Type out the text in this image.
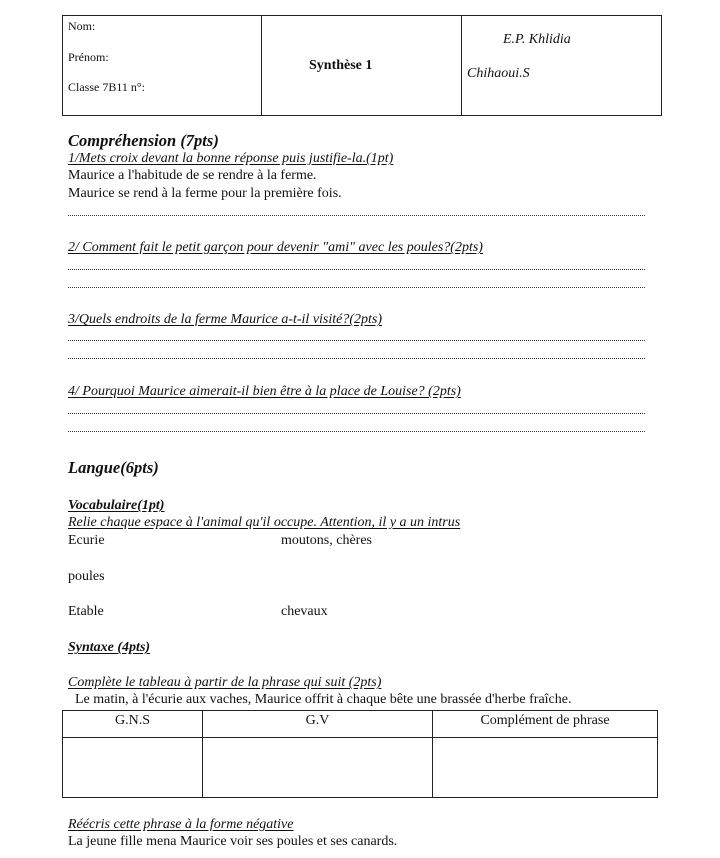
Nom:
Prénom:
Classe 7B11 n°:
Synthèse 1
E.P. Khlidia
Chihaoui.S
Compréhension (7pts)
1/Mets croix devant la bonne réponse puis justifie-la.(1pt)
Maurice a l'habitude de se rendre à la ferme.
Maurice se rend à la ferme pour la première fois.
2/ Comment fait le petit garçon pour devenir "ami" avec les poules?(2pts)
3/Quels endroits de la ferme Maurice a-t-il visité?(2pts)
4/ Pourquoi Maurice aimerait-il bien être à la place de Louise? (2pts)
Langue(6pts)
Vocabulaire(1pt)
Relie chaque espace à l'animal qu'il occupe. Attention, il y a un intrus
Ecurie	moutons, chères
poules
Etable	chevaux
Syntaxe (4pts)
Complète le tableau à partir de la phrase qui suit (2pts)
Le matin, à l'écurie aux vaches, Maurice offrit à chaque bête une brassée d'herbe fraîche.
G.N.S	G.V	Complément de phrase
Réécris cette phrase à la forme négative
La jeune fille mena Maurice voir ses poules et ses canards.
